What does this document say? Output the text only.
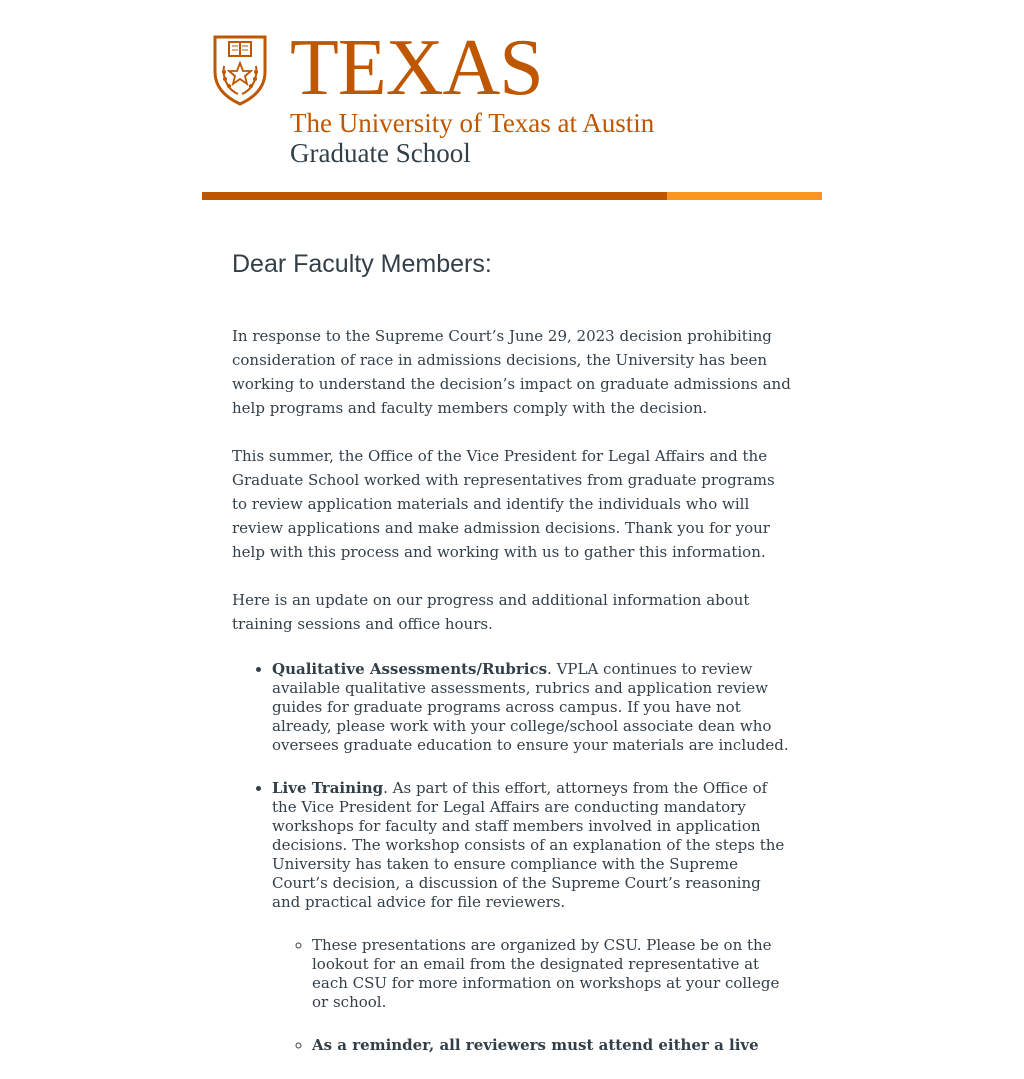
TEXAS
The University of Texas at Austin
Graduate School
Dear Faculty Members:

In response to the Supreme Court’s June 29, 2023 decision prohibiting consideration of race in admissions decisions, the University has been working to understand the decision’s impact on graduate admissions and help programs and faculty members comply with the decision.

This summer, the Office of the Vice President for Legal Affairs and the Graduate School worked with representatives from graduate programs to review application materials and identify the individuals who will review applications and make admission decisions. Thank you for your help with this process and working with us to gather this information.

Here is an update on our progress and additional information about training sessions and office hours.

• Qualitative Assessments/Rubrics. VPLA continues to review available qualitative assessments, rubrics and application review guides for graduate programs across campus. If you have not already, please work with your college/school associate dean who oversees graduate education to ensure your materials are included.
• Live Training. As part of this effort, attorneys from the Office of the Vice President for Legal Affairs are conducting mandatory workshops for faculty and staff members involved in application decisions. The workshop consists of an explanation of the steps the University has taken to ensure compliance with the Supreme Court’s decision, a discussion of the Supreme Court’s reasoning and practical advice for file reviewers.
◦ These presentations are organized by CSU. Please be on the lookout for an email from the designated representative at each CSU for more information on workshops at your college or school.
◦ As a reminder, all reviewers must attend either a live
